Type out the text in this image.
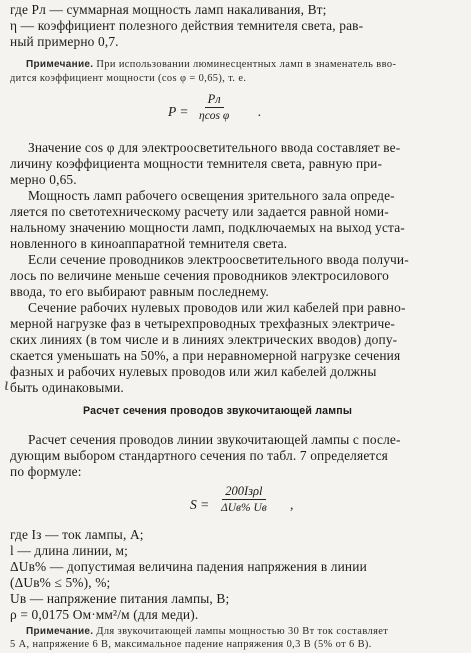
где Pл — суммарная мощность ламп накаливания, Вт;
η — коэффициент полезного действия темнителя света, рав-
ный примерно 0,7.
Примечание. При использовании люминесцентных ламп в знаменатель вво-
дится коэффициент мощности (cos φ = 0,65), т. е.
P =
Pл
ηcos φ .
Значение cos φ для электроосветительного ввода составляет ве-
личину коэффициента мощности темнителя света, равную при-
мерно 0,65.
Мощность ламп рабочего освещения зрительного зала опреде-
ляется по светотехническому расчету или задается равной номи-
нальному значению мощности ламп, подключаемых на выход уста-
новленного в киноаппаратной темнителя света.
Если сечение проводников электроосветительного ввода получи-
лось по величине меньше сечения проводников электросилового
ввода, то его выбирают равным последнему.
Сечение рабочих нулевых проводов или жил кабелей при равно-
мерной нагрузке фаз в четырехпроводных трехфазных электриче-
ских линиях (в том числе и в линиях электрических вводов) допу-
скается уменьшать на 50%, а при неравномерной нагрузке сечения
фазных и рабочих нулевых проводов или жил кабелей должны
быть одинаковыми.
ɩ
Расчет сечения проводов звукочитающей лампы
Расчет сечения проводов линии звукочитающей лампы с после-
дующим выбором стандартного сечения по табл. 7 определяется
по формуле:
S =
200Iзρl
ΔUв% Uв ,
где Iз — ток лампы, А;
l — длина линии, м;
ΔUв% — допустимая величина падения напряжения в линии
(ΔUв% ≤ 5%), %;
Uв — напряжение питания лампы, В;
ρ = 0,0175 Ом·мм²/м (для меди).
Примечание. Для звукочитающей лампы мощностью 30 Вт ток составляет
5 А, напряжение 6 В, максимальное падение напряжения 0,3 В (5% от 6 В).
